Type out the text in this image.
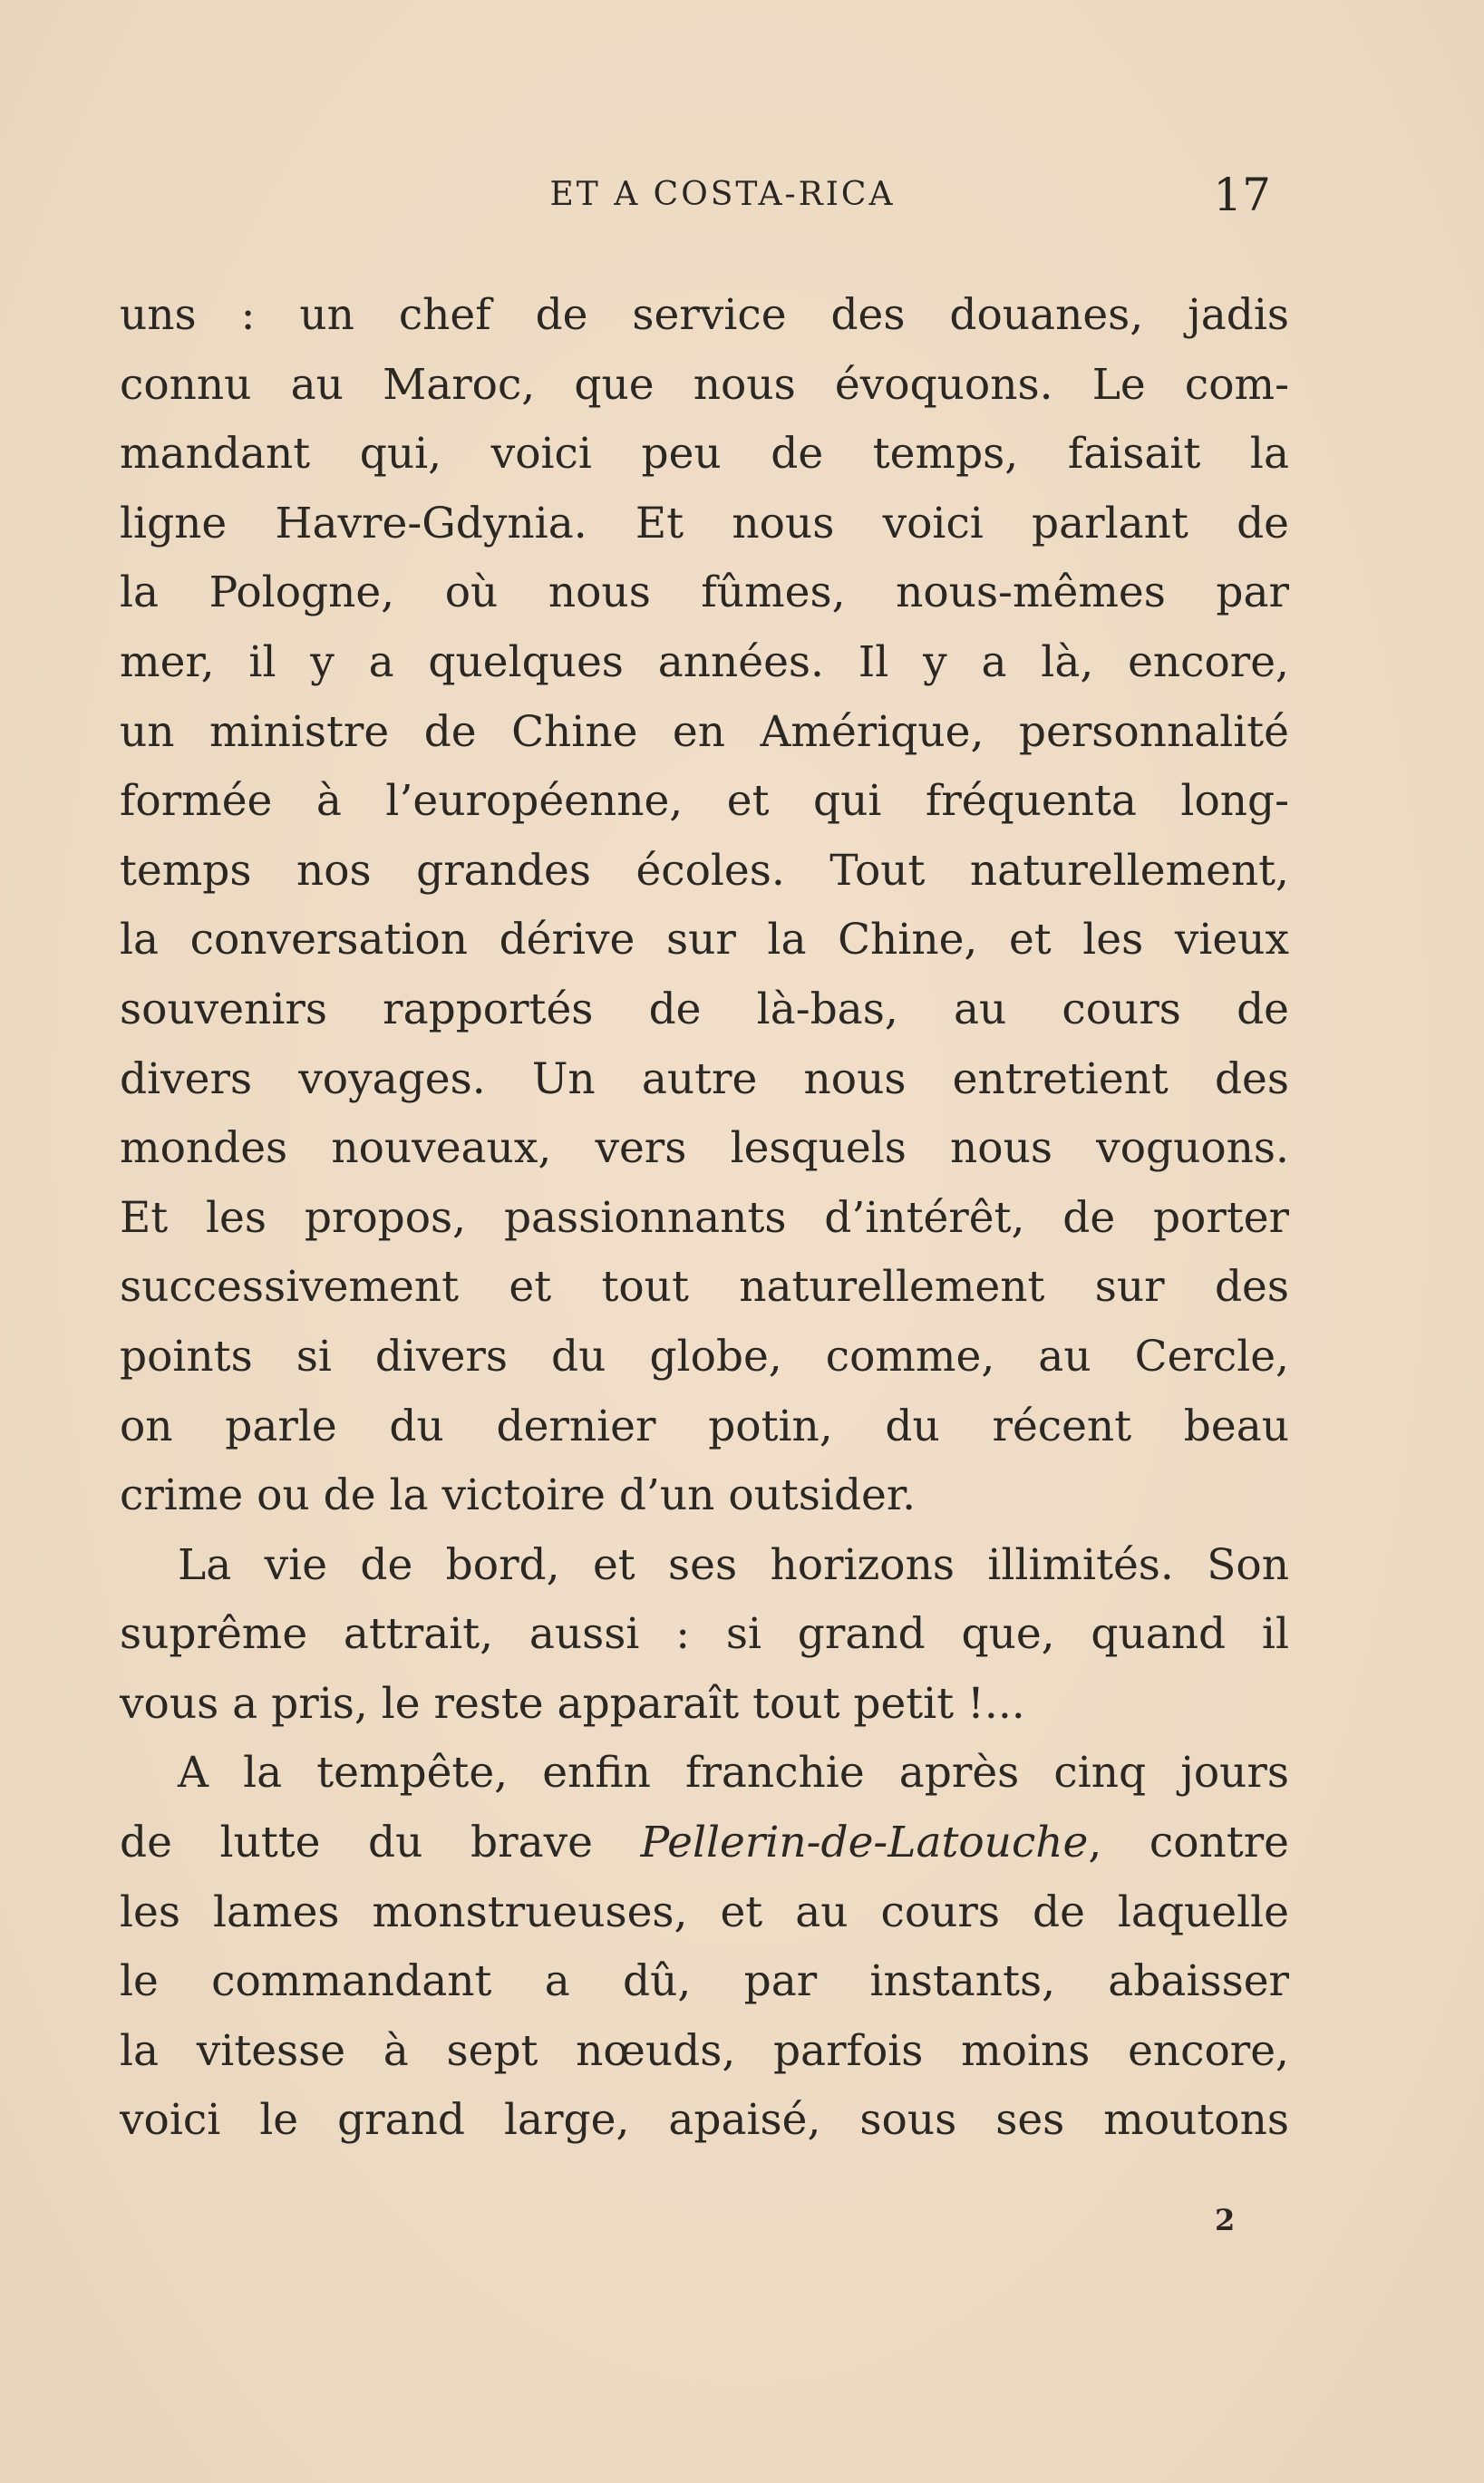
ET A COSTA-RICA	17
uns : un chef de service des douanes, jadis
connu au Maroc, que nous évoquons. Le com-
mandant qui, voici peu de temps, faisait la
ligne Havre-Gdynia. Et nous voici parlant de
la Pologne, où nous fûmes, nous-mêmes par
mer, il y a quelques années. Il y a là, encore,
un ministre de Chine en Amérique, personnalité
formée à l’européenne, et qui fréquenta long-
temps nos grandes écoles. Tout naturellement,
la conversation dérive sur la Chine, et les vieux
souvenirs rapportés de là-bas, au cours de
divers voyages. Un autre nous entretient des
mondes nouveaux, vers lesquels nous voguons.
Et les propos, passionnants d’intérêt, de porter
successivement et tout naturellement sur des
points si divers du globe, comme, au Cercle,
on parle du dernier potin, du récent beau
crime ou de la victoire d’un outsider.
La vie de bord, et ses horizons illimités. Son
suprême attrait, aussi : si grand que, quand il
vous a pris, le reste apparaît tout petit !...
A la tempête, enfin franchie après cinq jours
de lutte du brave Pellerin-de-Latouche, contre
les lames monstrueuses, et au cours de laquelle
le commandant a dû, par instants, abaisser
la vitesse à sept nœuds, parfois moins encore,
voici le grand large, apaisé, sous ses moutons
2
